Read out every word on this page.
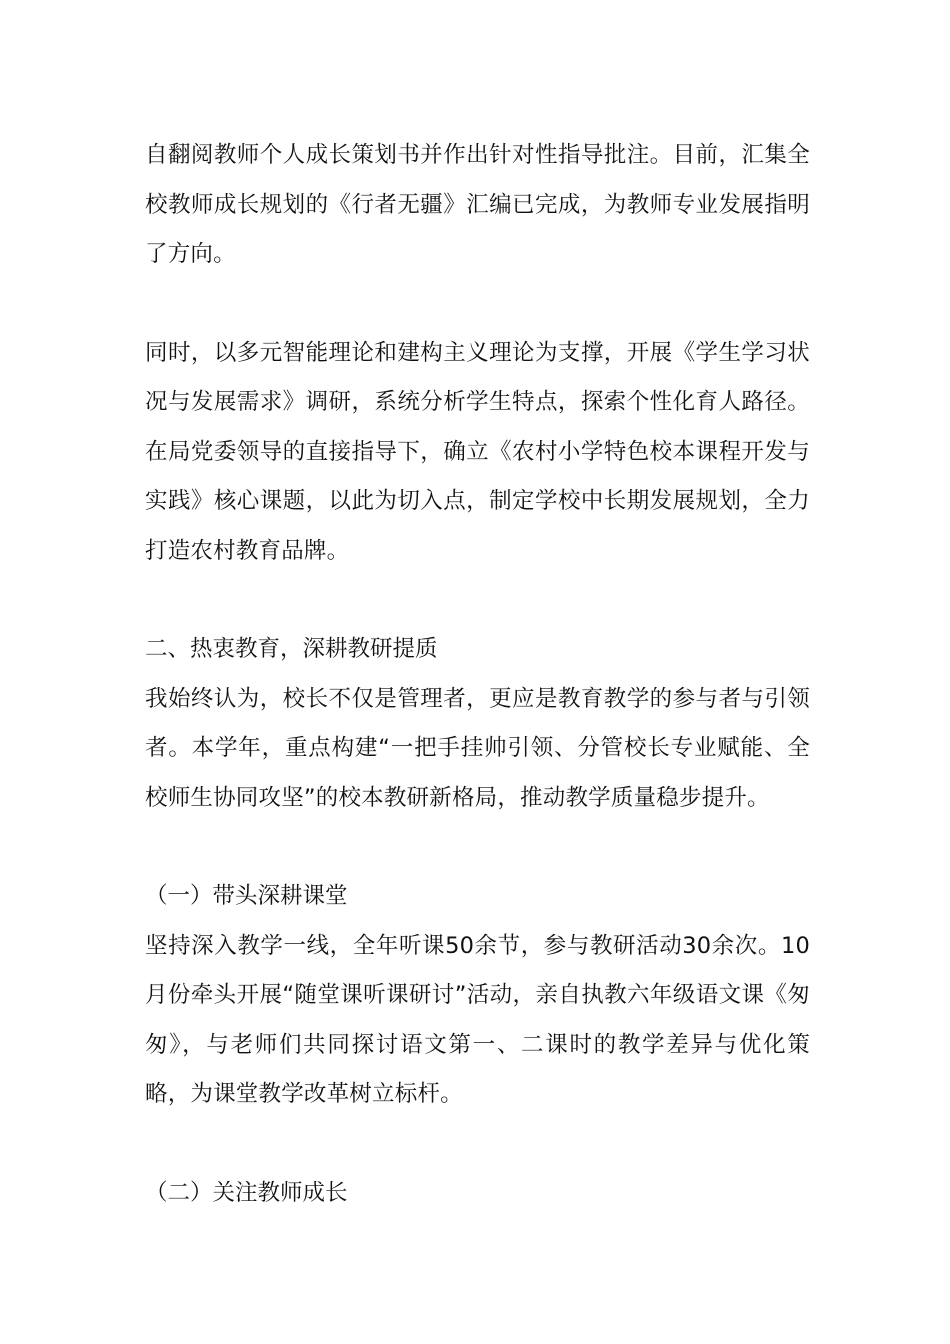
自翻阅教师个人成长策划书并作出针对性指导批注。目前，汇集全校教师成长规划的《行者无疆》汇编已完成，为教师专业发展指明了方向。

同时，以多元智能理论和建构主义理论为支撑，开展《学生学习状况与发展需求》调研，系统分析学生特点，探索个性化育人路径。在局党委领导的直接指导下，确立《农村小学特色校本课程开发与实践》核心课题，以此为切入点，制定学校中长期发展规划，全力打造农村教育品牌。

二、热衷教育，深耕教研提质

我始终认为，校长不仅是管理者，更应是教育教学的参与者与引领者。本学年，重点构建“一把手挂帅引领、分管校长专业赋能、全校师生协同攻坚”的校本教研新格局，推动教学质量稳步提升。

（一）带头深耕课堂

坚持深入教学一线，全年听课50余节，参与教研活动30余次。10月份牵头开展“随堂课听课研讨”活动，亲自执教六年级语文课《匆匆》，与老师们共同探讨语文第一、二课时的教学差异与优化策略，为课堂教学改革树立标杆。

（二）关注教师成长
